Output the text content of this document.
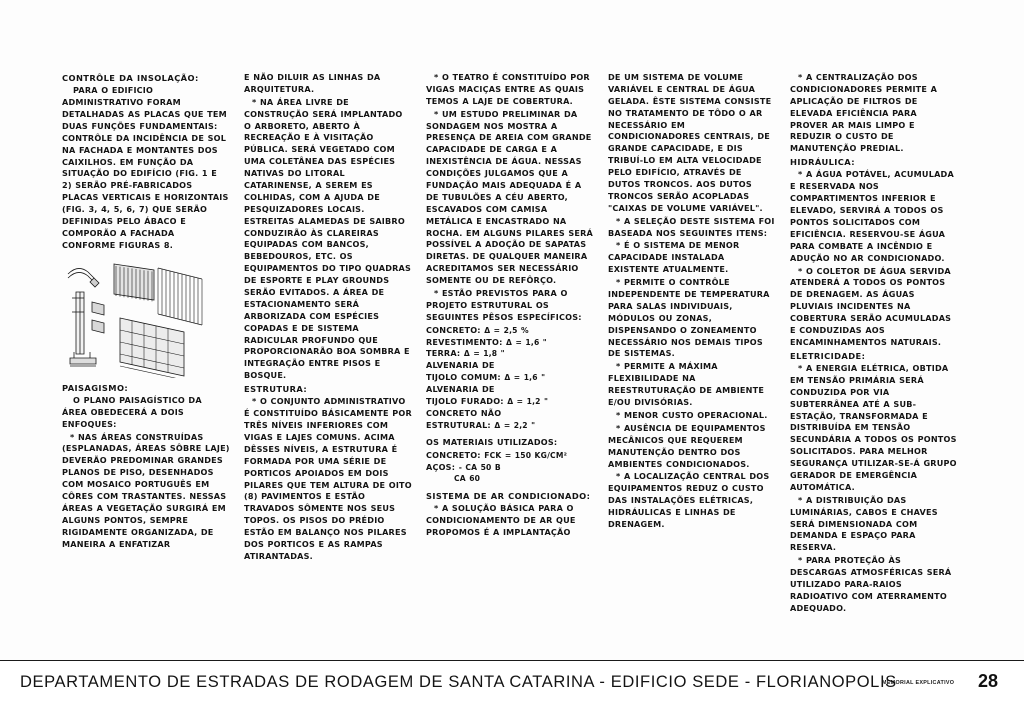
CONTRÔLE DA INSOLAÇÃO:

PARA O EDIFICIO ADMINISTRATIVO FORAM DETALHADAS AS PLACAS QUE TEM DUAS FUNÇÕES FUNDAMENTAIS: CONTRÔLE DA INCIDÊNCIA DE SOL NA FACHADA E MONTANTES DOS CAIXILHOS. EM FUNÇÃO DA SITUAÇÃO DO EDIFÍCIO (FIG. 1 E 2) SERÃO PRÉ-FABRICADOS PLACAS VERTICAIS E HORIZONTAIS (FIG. 3, 4, 5, 6, 7) QUE SERÃO DEFINIDAS PELO ÁBACO E COMPORÃO A FACHADA CONFORME FIGURAS 8.

PAISAGISMO:

O PLANO PAISAGÍSTICO DA ÁREA OBEDECERÁ A DOIS ENFOQUES:

* NAS ÁREAS CONSTRUÍDAS (ESPLANADAS, ÁREAS SÔBRE LAJE) DEVERÃO PREDOMINAR GRANDES PLANOS DE PISO, DESENHADOS COM MOSAICO PORTUGUÊS EM CÔRES COM TRASTANTES. NESSAS ÁREAS A VEGETAÇÃO SURGIRÁ EM ALGUNS PONTOS, SEMPRE RIGIDAMENTE ORGANIZADA, DE MANEIRA A ENFATIZAR

E NÃO DILUIR AS LINHAS DA ARQUITETURA.

* NA ÁREA LIVRE DE CONSTRUÇÃO SERÁ IMPLANTADO O ARBORETO, ABERTO À RECREAÇÃO E À VISITAÇÃO PÚBLICA. SERÁ VEGETADO COM UMA COLETÂNEA DAS ESPÉCIES NATIVAS DO LITORAL CATARINENSE, A SEREM ES COLHIDAS, COM A AJUDA DE PESQUIZADORES LOCAIS. ESTREITAS ALAMEDAS DE SAIBRO CONDUZIRÃO ÀS CLAREIRAS EQUIPADAS COM BANCOS, BEBEDOUROS, ETC. OS EQUIPAMENTOS DO TIPO QUADRAS DE ESPORTE E PLAY GROUNDS SERÃO EVITADOS. A ÁREA DE ESTACIONAMENTO SERÁ ARBORIZADA COM ESPÉCIES COPADAS E DE SISTEMA RADICULAR PROFUNDO QUE PROPORCIONARÃO BOA SOMBRA E INTEGRAÇÃO ENTRE PISOS E BOSQUE.

ESTRUTURA:

* O CONJUNTO ADMINISTRATIVO É CONSTITUÍDO BÁSICAMENTE POR TRÊS NÍVEIS INFERIORES COM VIGAS E LAJES COMUNS. ACIMA DÊSSES NÍVEIS, A ESTRUTURA É FORMADA POR UMA SÉRIE DE PORTICOS APOIADOS EM DOIS PILARES QUE TEM ALTURA DE OITO (8) PAVIMENTOS E ESTÃO TRAVADOS SÔMENTE NOS SEUS TOPOS. OS PISOS DO PRÉDIO ESTÃO EM BALANÇO NOS PILARES DOS PORTICOS E AS RAMPAS ATIRANTADAS.

* O TEATRO É CONSTITUÍDO POR VIGAS MACIÇAS ENTRE AS QUAIS TEMOS A LAJE DE COBERTURA.

* UM ESTUDO PRELIMINAR DA SONDAGEM NOS MOSTRA A PRESENÇA DE AREIA COM GRANDE CAPACIDADE DE CARGA E A INEXISTÊNCIA DE ÁGUA. NESSAS CONDIÇÕES JULGAMOS QUE A FUNDAÇÃO MAIS ADEQUADA É A DE TUBULÕES A CÉU ABERTO, ESCAVADOS COM CAMISA METÁLICA E ENCASTRADO NA ROCHA. EM ALGUNS PILARES SERÁ POSSÍVEL A ADOÇÃO DE SAPATAS DIRETAS. DE QUALQUER MANEIRA ACREDITAMOS SER NECESSÁRIO SOMENTE OU DE REFÔRÇO.

* ESTÃO PREVISTOS PARA O PROJETO ESTRUTURAL OS SEGUINTES PÊSOS ESPECÍFICOS:

CONCRETO: Δ = 2,5 %

REVESTIMENTO: Δ = 1,6 "

TERRA: Δ = 1,8 "

ALVENARIA DE

TIJOLO COMUM: Δ = 1,6 "

ALVENARIA DE

TIJOLO FURADO: Δ = 1,2 "

CONCRETO NÃO

ESTRUTURAL: Δ = 2,2 "

OS MATERIAIS UTILIZADOS:

CONCRETO: FCK = 150 KG/CM²

AÇOS: - CA 50 B

CA 60

SISTEMA DE AR CONDICIONADO:

* A SOLUÇÃO BÁSICA PARA O CONDICIONAMENTO DE AR QUE PROPOMOS É A IMPLANTAÇÃO

DE UM SISTEMA DE VOLUME VARIÁVEL E CENTRAL DE ÁGUA GELADA. ÊSTE SISTEMA CONSISTE NO TRATAMENTO DE TÔDO O AR NECESSÁRIO EM CONDICIONADORES CENTRAIS, DE GRANDE CAPACIDADE, E DIS TRIBUÍ-LO EM ALTA VELOCIDADE PELO EDIFÍCIO, ATRAVÉS DE DUTOS TRONCOS. AOS DUTOS TRONCOS SERÃO ACOPLADAS "CAIXAS DE VOLUME VARIÁVEL".

* A SELEÇÃO DESTE SISTEMA FOI BASEADA NOS SEGUINTES ITENS:

* É O SISTEMA DE MENOR CAPACIDADE INSTALADA EXISTENTE ATUALMENTE.

* PERMITE O CONTRÔLE INDEPENDENTE DE TEMPERATURA PARA SALAS INDIVIDUAIS, MÓDULOS OU ZONAS, DISPENSANDO O ZONEAMENTO NECESSÁRIO NOS DEMAIS TIPOS DE SISTEMAS.

* PERMITE A MÁXIMA FLEXIBILIDADE NA REESTRUTURAÇÃO DE AMBIENTE E/OU DIVISÓRIAS.

* MENOR CUSTO OPERACIONAL.

* AUSÊNCIA DE EQUIPAMENTOS MECÂNICOS QUE REQUEREM MANUTENÇÃO DENTRO DOS AMBIENTES CONDICIONADOS.

* A LOCALIZAÇÃO CENTRAL DOS EQUIPAMENTOS REDUZ O CUSTO DAS INSTALAÇÕES ELÉTRICAS, HIDRÁULICAS E LINHAS DE DRENAGEM.

* A CENTRALIZAÇÃO DOS CONDICIONADORES PERMITE A APLICAÇÃO DE FILTROS DE ELEVADA EFICIÊNCIA PARA PROVER AR MAIS LIMPO E REDUZIR O CUSTO DE MANUTENÇÃO PREDIAL.

HIDRÁULICA:

* A ÁGUA POTÁVEL, ACUMULADA E RESERVADA NOS COMPARTIMENTOS INFERIOR E ELEVADO, SERVIRÁ A TODOS OS PONTOS SOLICITADOS COM EFICIÊNCIA. RESERVOU-SE ÁGUA PARA COMBATE A INCÊNDIO E ADUÇÃO NO AR CONDICIONADO.

* O COLETOR DE ÁGUA SERVIDA ATENDERÁ A TODOS OS PONTOS DE DRENAGEM. AS ÁGUAS PLUVIAIS INCIDENTES NA COBERTURA SERÃO ACUMULADAS E CONDUZIDAS AOS ENCAMINHAMENTOS NATURAIS.

ELETRICIDADE:

* A ENERGIA ELÉTRICA, OBTIDA EM TENSÃO PRIMÁRIA SERÁ CONDUZIDA POR VIA SUBTERRÂNEA ATÉ A SUB-ESTAÇÃO, TRANSFORMADA E DISTRIBUÍDA EM TENSÃO SECUNDÁRIA A TODOS OS PONTOS SOLICITADOS. PARA MELHOR SEGURANÇA UTILIZAR-SE-Á GRUPO GERADOR DE EMERGÊNCIA AUTOMÁTICA.

* A DISTRIBUIÇÃO DAS LUMINÁRIAS, CABOS E CHAVES SERÁ DIMENSIONADA COM DEMANDA E ESPAÇO PARA RESERVA.

* PARA PROTEÇÃO ÀS DESCARGAS ATMOSFÉRICAS SERÁ UTILIZADO PARA-RAIOS RADIOATIVO COM ATERRAMENTO ADEQUADO.

DEPARTAMENTO DE ESTRADAS DE RODAGEM DE SANTA CATARINA - EDIFICIO SEDE - FLORIANOPOLIS
MEMORIAL EXPLICATIVO 28
